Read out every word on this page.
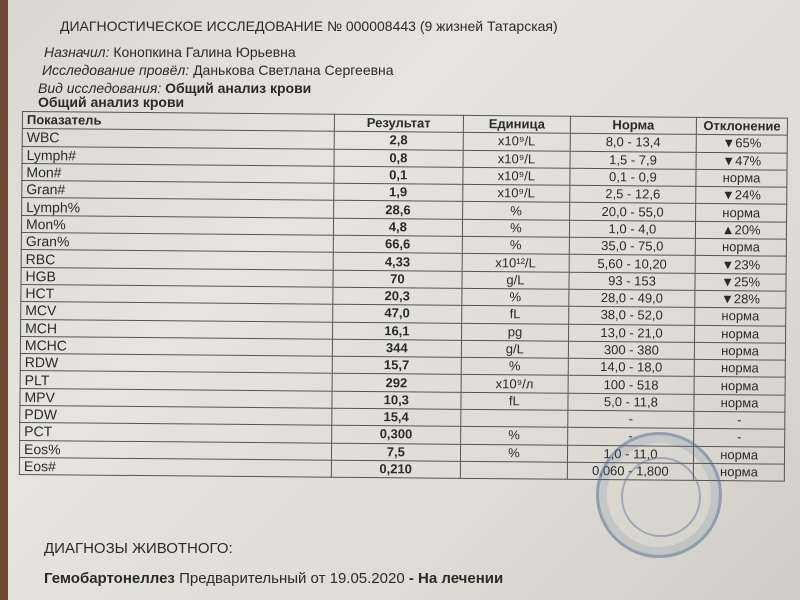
ДИАГНОСТИЧЕСКОЕ ИССЛЕДОВАНИЕ № 000008443 (9 жизней Татарская)
Назначил: Конопкина Галина Юрьевна
Исследование провёл: Данькова Светлана Сергеевна
Вид исследования: Общий анализ крови
Общий анализ крови
Показатель	Результат	Единица	Норма	Отклонение
WBC	2,8	x10⁹/L	8,0 - 13,4	▼65%
Lymph#	0,8	x10⁹/L	1,5 - 7,9	▼47%
Mon#	0,1	x10⁹/L	0,1 - 0,9	норма
Gran#	1,9	x10⁹/L	2,5 - 12,6	▼24%
Lymph%	28,6	%	20,0 - 55,0	норма
Mon%	4,8	%	1,0 - 4,0	▲20%
Gran%	66,6	%	35,0 - 75,0	норма
RBC	4,33	x10¹²/L	5,60 - 10,20	▼23%
HGB	70	g/L	93 - 153	▼25%
HCT	20,3	%	28,0 - 49,0	▼28%
MCV	47,0	fL	38,0 - 52,0	норма
MCH	16,1	pg	13,0 - 21,0	норма
MCHC	344	g/L	300 - 380	норма
RDW	15,7	%	14,0 - 18,0	норма
PLT	292	x10⁹/л	100 - 518	норма
MPV	10,3	fL	5,0 - 11,8	норма
PDW	15,4		-	-
PCT	0,300	%	-	-
Eos%	7,5	%	1,0 - 11,0	норма
Eos#	0,210		0,060 - 1,800	норма
ДИАГНОЗЫ ЖИВОТНОГО:
Гемобартонеллез Предварительный от 19.05.2020 - На лечении
